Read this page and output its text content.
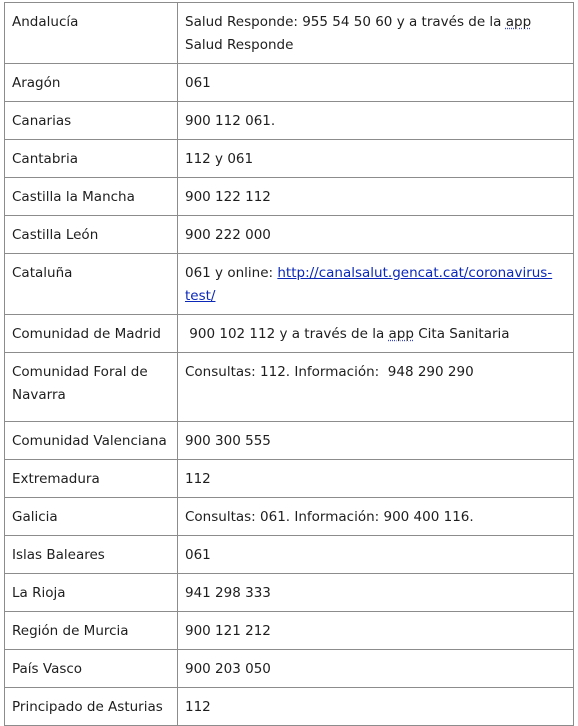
Andalucía	Salud Responde: 955 54 50 60 y a través de la app Salud Responde

Aragón	061

Canarias	900 112 061.

Cantabria	112 y 061

Castilla la Mancha	900 122 112

Castilla León	900 222 000

Cataluña	061 y online: http://canalsalut.gencat.cat/coronavirus-test/

Comunidad de Madrid	900 102 112 y a través de la app Cita Sanitaria

Comunidad Foral de Navarra	Consultas: 112. Información:  948 290 290

Comunidad Valenciana	900 300 555

Extremadura	112

Galicia	Consultas: 061. Información: 900 400 116.

Islas Baleares	061

La Rioja	941 298 333

Región de Murcia	900 121 212

País Vasco	900 203 050

Principado de Asturias	112
